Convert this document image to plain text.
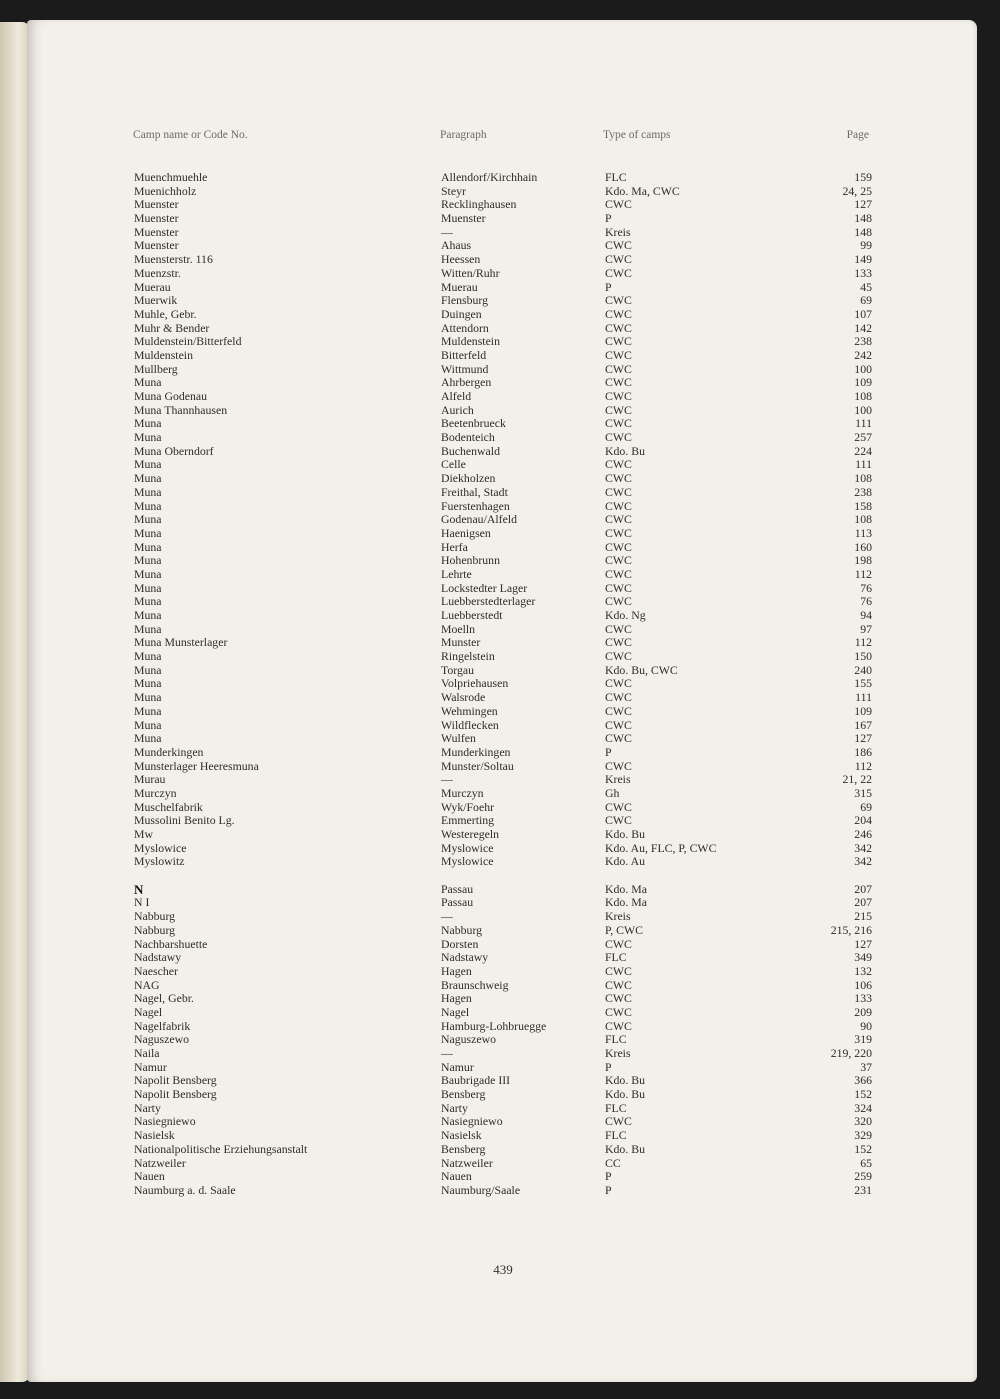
Camp name or Code No.	Paragraph	Type of camps	Page
Muenchmuehle	Allendorf/Kirchhain	FLC	159
Muenichholz	Steyr	Kdo. Ma, CWC	24, 25
Muenster	Recklinghausen	CWC	127
Muenster	Muenster	P	148
Muenster	—	Kreis	148
Muenster	Ahaus	CWC	99
Muensterstr. 116	Heessen	CWC	149
Muenzstr.	Witten/Ruhr	CWC	133
Muerau	Muerau	P	45
Muerwik	Flensburg	CWC	69
Muhle, Gebr.	Duingen	CWC	107
Muhr & Bender	Attendorn	CWC	142
Muldenstein/Bitterfeld	Muldenstein	CWC	238
Muldenstein	Bitterfeld	CWC	242
Mullberg	Wittmund	CWC	100
Muna	Ahrbergen	CWC	109
Muna Godenau	Alfeld	CWC	108
Muna Thannhausen	Aurich	CWC	100
Muna	Beetenbrueck	CWC	111
Muna	Bodenteich	CWC	257
Muna Oberndorf	Buchenwald	Kdo. Bu	224
Muna	Celle	CWC	111
Muna	Diekholzen	CWC	108
Muna	Freithal, Stadt	CWC	238
Muna	Fuerstenhagen	CWC	158
Muna	Godenau/Alfeld	CWC	108
Muna	Haenigsen	CWC	113
Muna	Herfa	CWC	160
Muna	Hohenbrunn	CWC	198
Muna	Lehrte	CWC	112
Muna	Lockstedter Lager	CWC	76
Muna	Luebberstedterlager	CWC	76
Muna	Luebberstedt	Kdo. Ng	94
Muna	Moelln	CWC	97
Muna Munsterlager	Munster	CWC	112
Muna	Ringelstein	CWC	150
Muna	Torgau	Kdo. Bu, CWC	240
Muna	Volpriehausen	CWC	155
Muna	Walsrode	CWC	111
Muna	Wehmingen	CWC	109
Muna	Wildflecken	CWC	167
Muna	Wulfen	CWC	127
Munderkingen	Munderkingen	P	186
Munsterlager Heeresmuna	Munster/Soltau	CWC	112
Murau	—	Kreis	21, 22
Murczyn	Murczyn	Gh	315
Muschelfabrik	Wyk/Foehr	CWC	69
Mussolini Benito Lg.	Emmerting	CWC	204
Mw	Westeregeln	Kdo. Bu	246
Myslowice	Myslowice	Kdo. Au, FLC, P, CWC	342
Myslowitz	Myslowice	Kdo. Au	342
N	Passau	Kdo. Ma	207
N I	Passau	Kdo. Ma	207
Nabburg	—	Kreis	215
Nabburg	Nabburg	P, CWC	215, 216
Nachbarshuette	Dorsten	CWC	127
Nadstawy	Nadstawy	FLC	349
Naescher	Hagen	CWC	132
NAG	Braunschweig	CWC	106
Nagel, Gebr.	Hagen	CWC	133
Nagel	Nagel	CWC	209
Nagelfabrik	Hamburg-Lohbruegge	CWC	90
Naguszewo	Naguszewo	FLC	319
Naila	—	Kreis	219, 220
Namur	Namur	P	37
Napolit Bensberg	Baubrigade III	Kdo. Bu	366
Napolit Bensberg	Bensberg	Kdo. Bu	152
Narty	Narty	FLC	324
Nasiegniewo	Nasiegniewo	CWC	320
Nasielsk	Nasielsk	FLC	329
Nationalpolitische Erziehungsanstalt	Bensberg	Kdo. Bu	152
Natzweiler	Natzweiler	CC	65
Nauen	Nauen	P	259
Naumburg a. d. Saale	Naumburg/Saale	P	231
439
